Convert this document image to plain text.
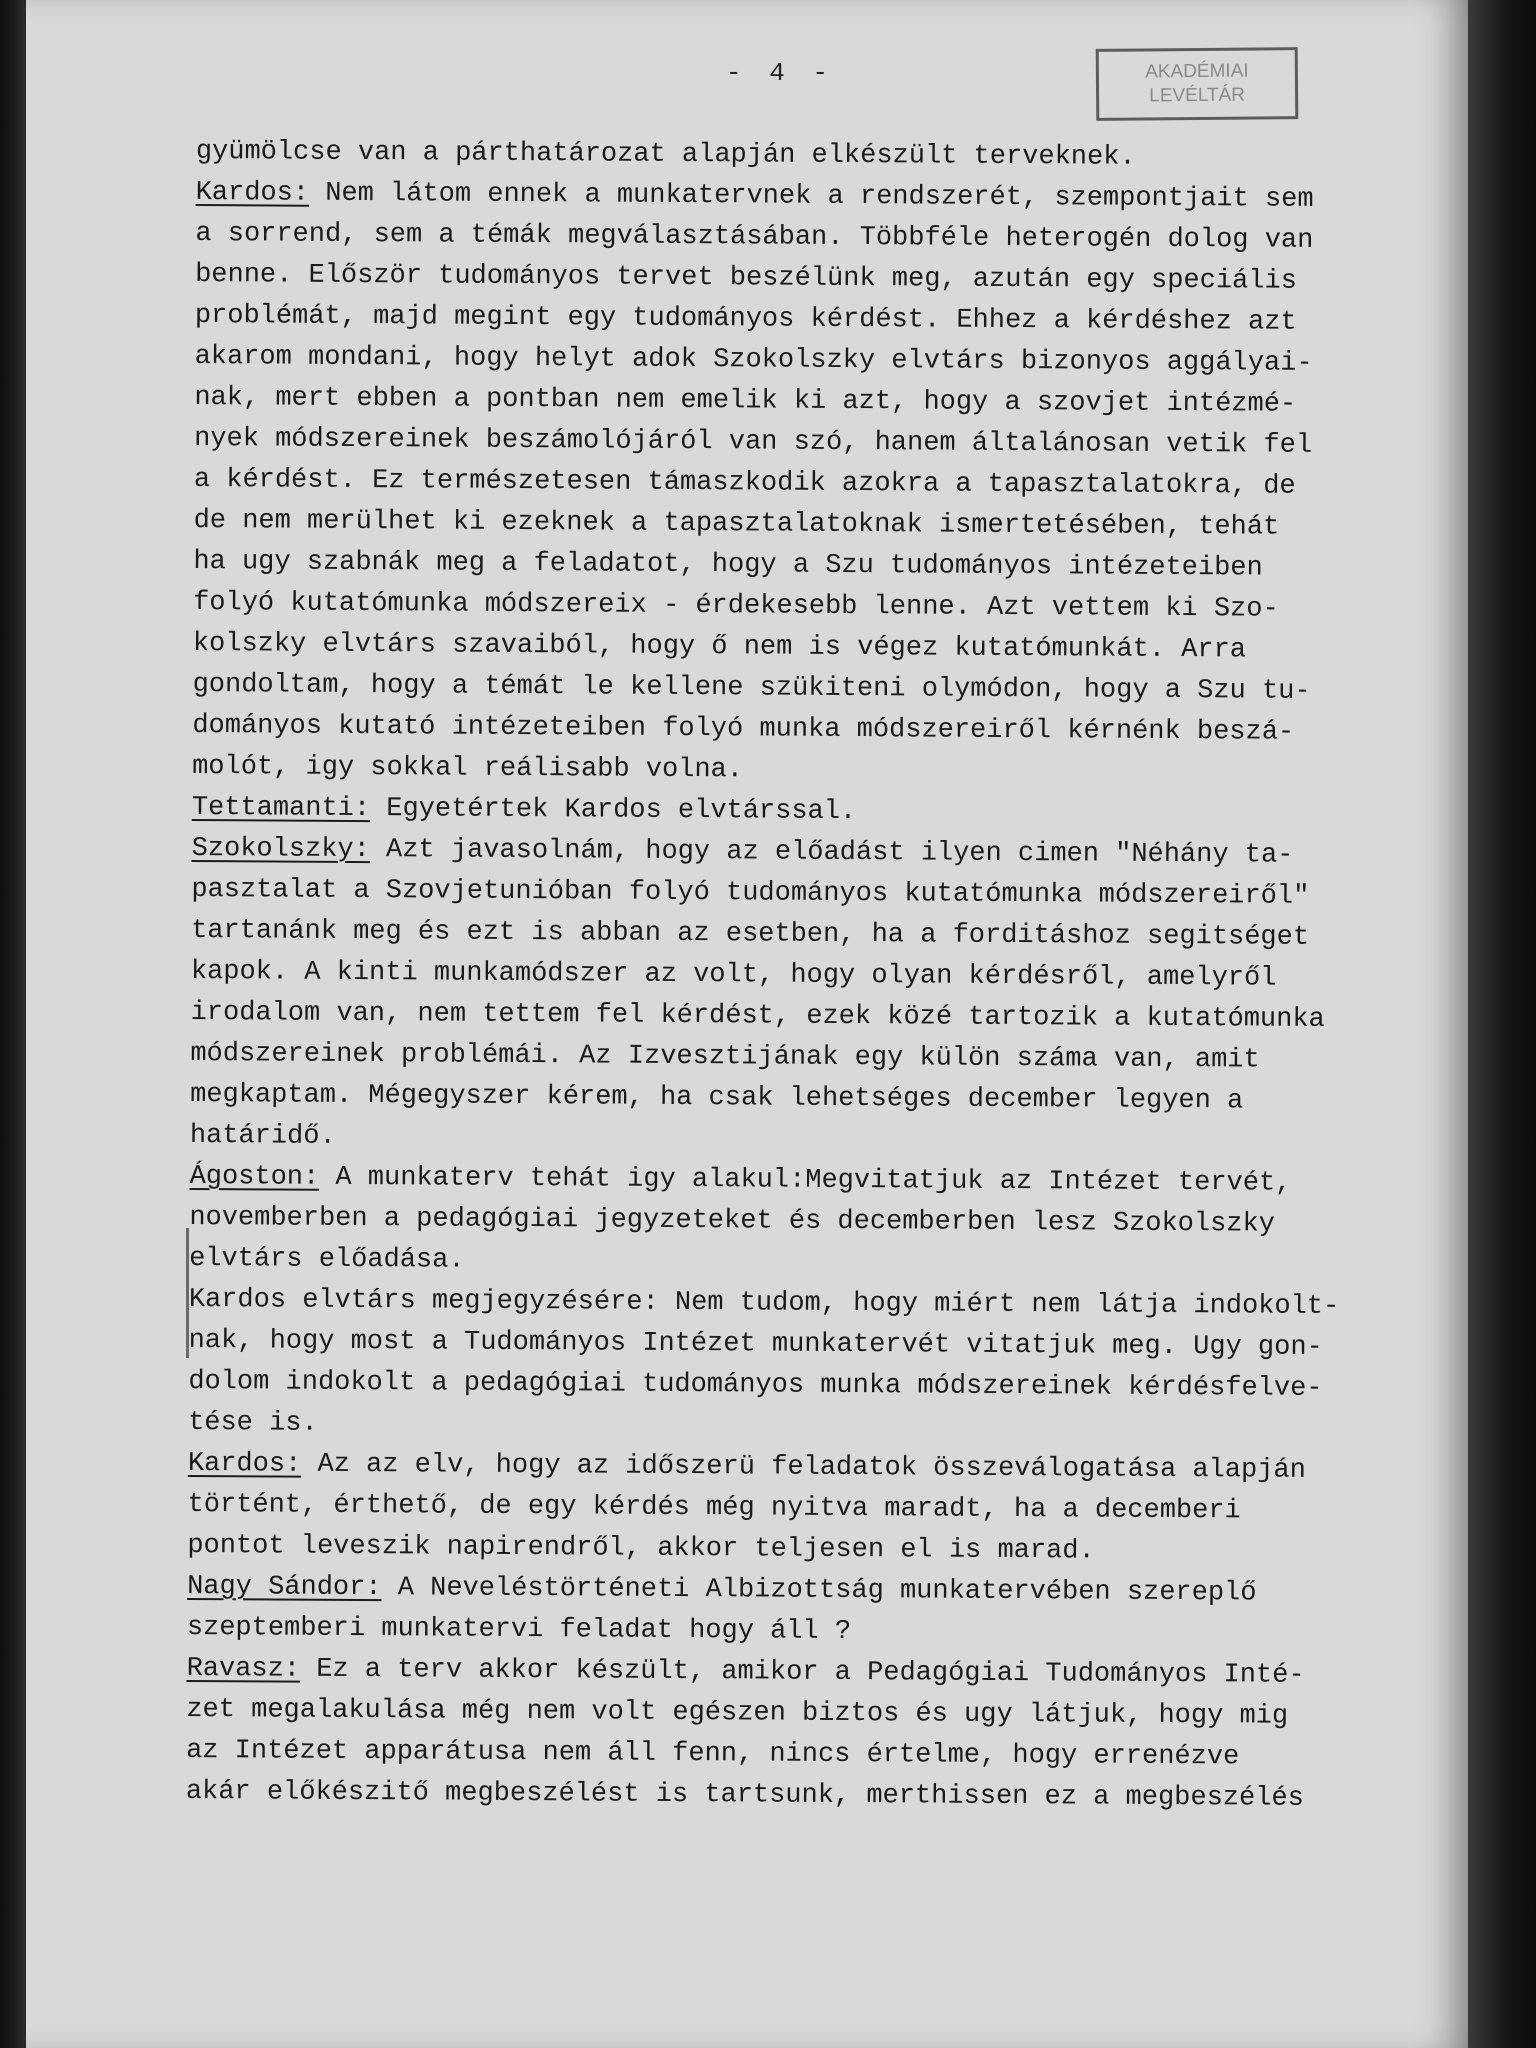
- 4 -	AKADÉMIAI
LEVÉLTÁR
gyümölcse van a párthatározat alapján elkészült terveknek.
Kardos: Nem látom ennek a munkatervnek a rendszerét, szempontjait sem
a sorrend, sem a témák megválasztásában. Többféle heterogén dolog van
benne. Először tudományos tervet beszélünk meg, azután egy speciális
problémát, majd megint egy tudományos kérdést. Ehhez a kérdéshez azt
akarom mondani, hogy helyt adok Szokolszky elvtárs bizonyos aggályai-
nak, mert ebben a pontban nem emelik ki azt, hogy a szovjet intézmé-
nyek módszereinek beszámolójáról van szó, hanem általánosan vetik fel
a kérdést. Ez természetesen támaszkodik azokra a tapasztalatokra, de
de nem merülhet ki ezeknek a tapasztalatoknak ismertetésében, tehát
ha ugy szabnák meg a feladatot, hogy a Szu tudományos intézeteiben
folyó kutatómunka módszereix - érdekesebb lenne. Azt vettem ki Szo-
kolszky elvtárs szavaiból, hogy ő nem is végez kutatómunkát. Arra
gondoltam, hogy a témát le kellene szükiteni olymódon, hogy a Szu tu-
dományos kutató intézeteiben folyó munka módszereiről kérnénk beszá-
molót, igy sokkal reálisabb volna.
Tettamanti: Egyetértek Kardos elvtárssal.
Szokolszky: Azt javasolnám, hogy az előadást ilyen cimen "Néhány ta-
pasztalat a Szovjetunióban folyó tudományos kutatómunka módszereiről"
tartanánk meg és ezt is abban az esetben, ha a forditáshoz segitséget
kapok. A kinti munkamódszer az volt, hogy olyan kérdésről, amelyről
irodalom van, nem tettem fel kérdést, ezek közé tartozik a kutatómunka
módszereinek problémái. Az Izvesztijának egy külön száma van, amit
megkaptam. Mégegyszer kérem, ha csak lehetséges december legyen a
határidő.
Ágoston: A munkaterv tehát igy alakul:Megvitatjuk az Intézet tervét,
novemberben a pedagógiai jegyzeteket és decemberben lesz Szokolszky
elvtárs előadása.
Kardos elvtárs megjegyzésére: Nem tudom, hogy miért nem látja indokolt-
nak, hogy most a Tudományos Intézet munkatervét vitatjuk meg. Ugy gon-
dolom indokolt a pedagógiai tudományos munka módszereinek kérdésfelve-
tése is.
Kardos: Az az elv, hogy az időszerü feladatok összeválogatása alapján
történt, érthető, de egy kérdés még nyitva maradt, ha a decemberi
pontot leveszik napirendről, akkor teljesen el is marad.
Nagy Sándor: A Neveléstörténeti Albizottság munkatervében szereplő
szeptemberi munkatervi feladat hogy áll ?
Ravasz: Ez a terv akkor készült, amikor a Pedagógiai Tudományos Inté-
zet megalakulása még nem volt egészen biztos és ugy látjuk, hogy mig
az Intézet apparátusa nem áll fenn, nincs értelme, hogy errenézve
akár előkészitő megbeszélést is tartsunk, merthissen ez a megbeszélés
